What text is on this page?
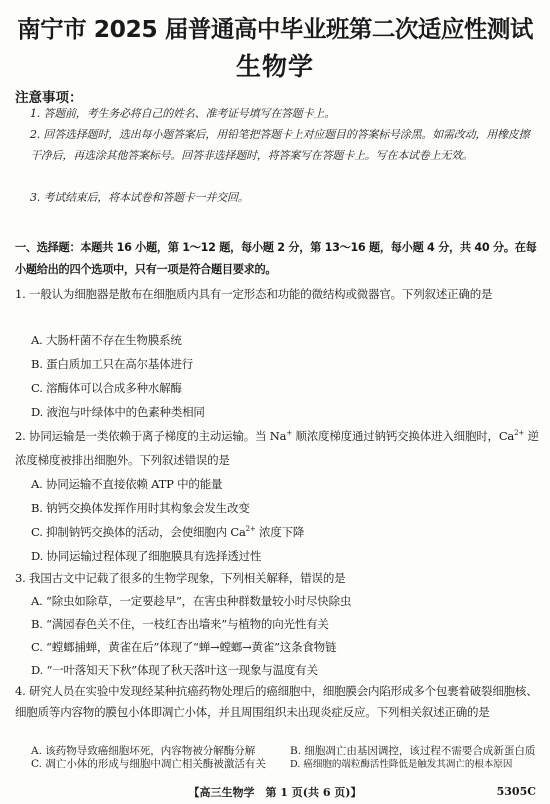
南宁市 2025 届普通高中毕业班第二次适应性测试
生物学
注意事项：
1. 答题前，考生务必将自己的姓名、准考证号填写在答题卡上。
2. 回答选择题时，选出每小题答案后，用铅笔把答题卡上对应题目的答案标号涂黑。如需改动，用橡皮擦干净后，再选涂其他答案标号。回答非选择题时，将答案写在答题卡上。写在本试卷上无效。
3. 考试结束后，将本试卷和答题卡一并交回。
一、选择题：本题共 16 小题，第 1～12 题，每小题 2 分，第 13～16 题，每小题 4 分，共 40 分。在每小题给出的四个选项中，只有一项是符合题目要求的。
1. 一般认为细胞器是散布在细胞质内具有一定形态和功能的微结构或微器官。下列叙述正确的是
A. 大肠杆菌不存在生物膜系统
B. 蛋白质加工只在高尔基体进行
C. 溶酶体可以合成多种水解酶
D. 液泡与叶绿体中的色素种类相同
2. 协同运输是一类依赖于离子梯度的主动运输。当 Na+ 顺浓度梯度通过钠钙交换体进入细胞时，$Ca^{2+}$ 逆浓度梯度被排出细胞外。下列叙述错误的是
A. 协同运输不直接依赖 ATP 中的能量
B. 钠钙交换体发挥作用时其构象会发生改变
C. 抑制钠钙交换体的活动，会使细胞内 $Ca^{2+}$ 浓度下降
D. 协同运输过程体现了细胞膜具有选择透过性
3. 我国古文中记载了很多的生物学现象，下列相关解释，错误的是
A. “除虫如除草，一定要趁早”，在害虫种群数量较小时尽快除虫
B. “满园春色关不住，一枝红杏出墙来”与植物的向光性有关
C. “螳螂捕蝉，黄雀在后”体现了“蝉→螳螂→黄雀”这条食物链
D. “一叶落知天下秋”体现了秋天落叶这一现象与温度有关
4. 研究人员在实验中发现经某种抗癌药物处理后的癌细胞中，细胞膜会内陷形成多个包裹着破裂细胞核、细胞质等内容物的膜包小体即凋亡小体，并且周围组织未出现炎症反应。下列相关叙述正确的是
【高三生物学　第 1 页(共 6 页)】	5305C
A. 该药物导致癌细胞坏死，内容物被分解酶分解	B. 细胞凋亡由基因调控，该过程不需要合成新蛋白质
C. 凋亡小体的形成与细胞中凋亡相关酶被激活有关	D. 癌细胞的端粒酶活性降低是触发其凋亡的根本原因
